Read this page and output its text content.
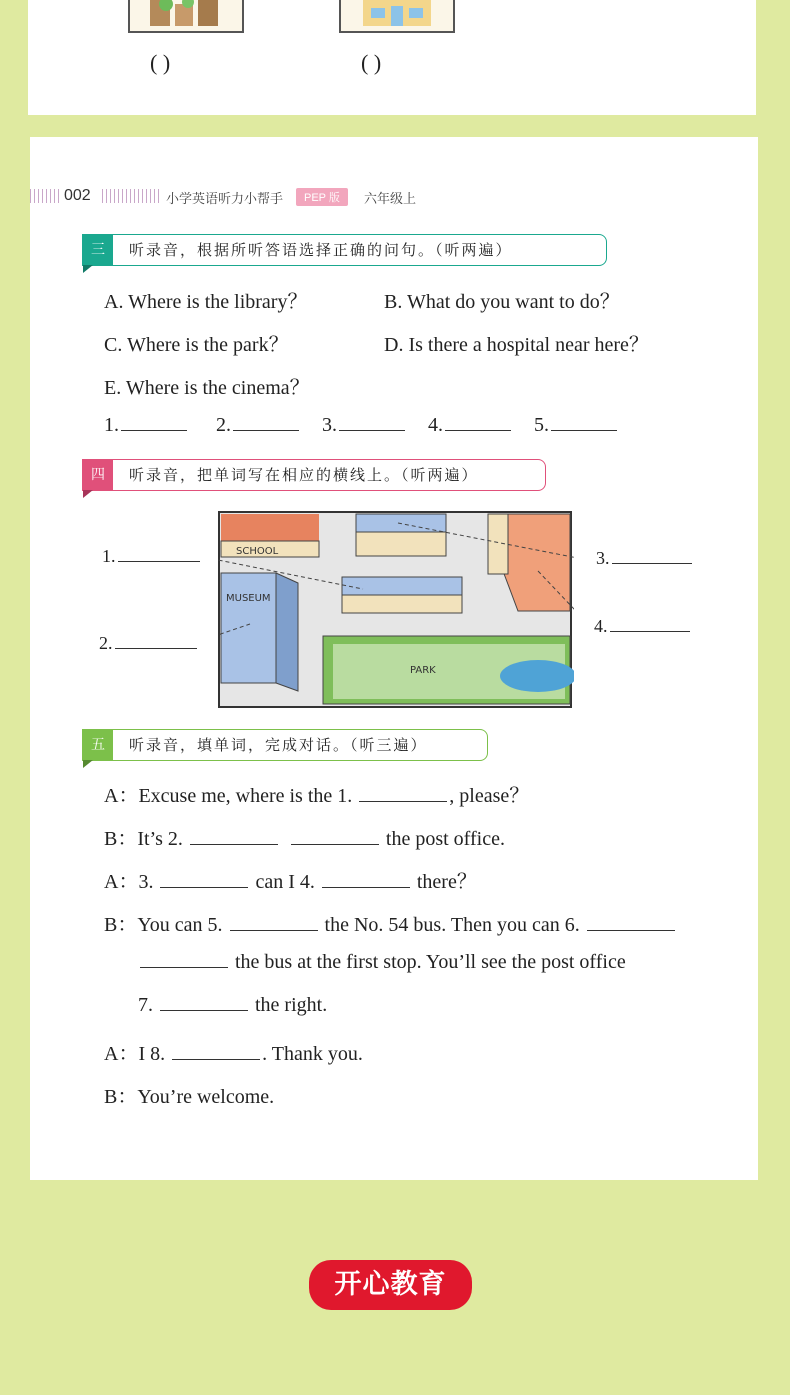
( )	( )
002	小学英语听力小帮手	PEP 版	六年级上
三	听录音，根据所听答语选择正确的问句。（听两遍）
A. Where is the library？	B. What do you want to do？
C. Where is the park？	D. Is there a hospital near here？
E. Where is the cinema？
1.	2.	3.	4.	5.
四	听录音，把单词写在相应的横线上。（听两遍）
SCHOOL
MUSEUM
PARK
1.
2.
3.
4.
五	听录音，填单词，完成对话。（听三遍）
A：Excuse me, where is the 1.	, please？
B：It’s 2.	the post office.
A：3.	can I 4.	there？
B：You can 5.	the No. 54 bus. Then you can 6.
the bus at the first stop. You’ll see the post office
7.	the right.
A：I 8.	. Thank you.
B：You’re welcome.
开心教育
